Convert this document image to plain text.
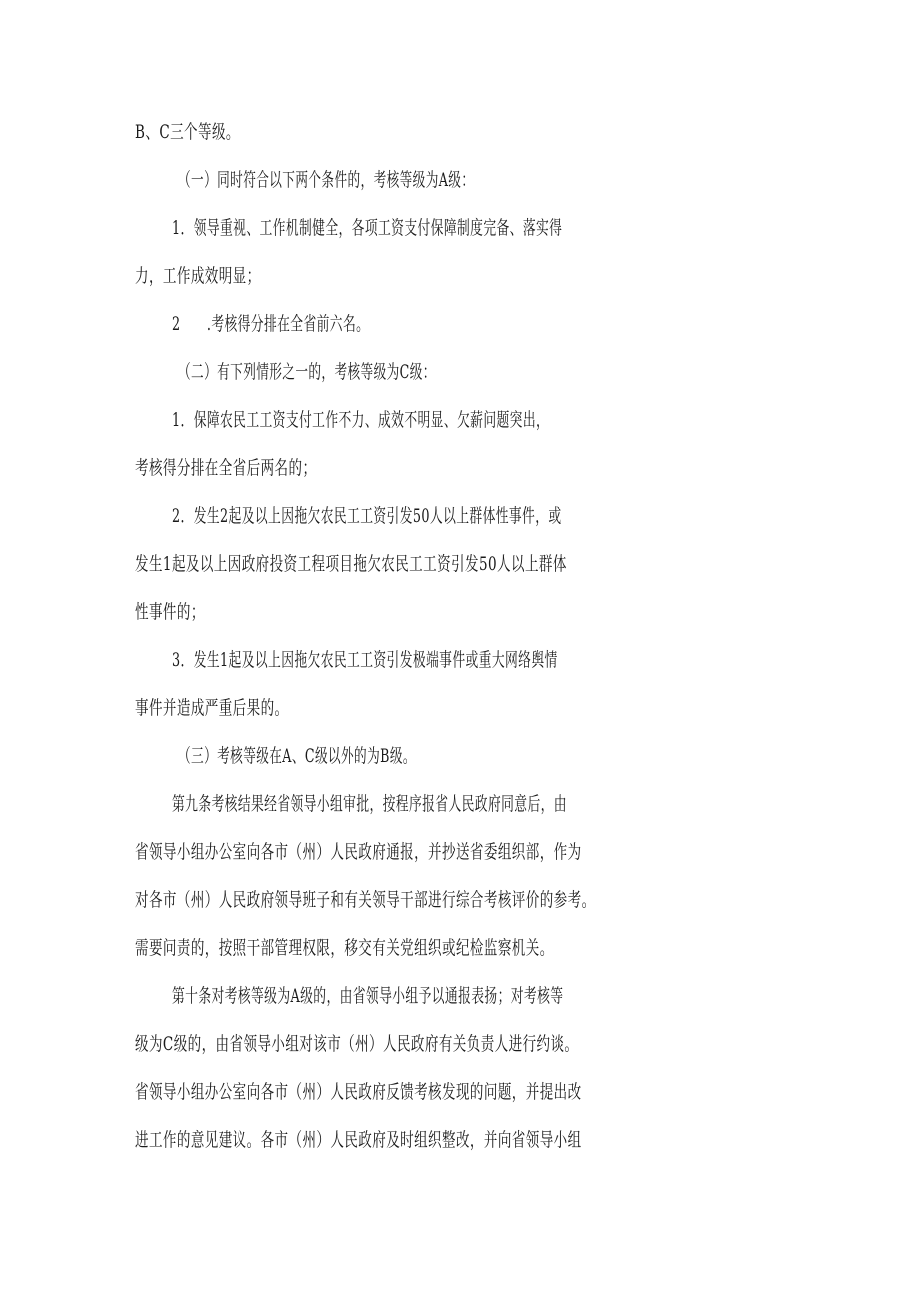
B、C三个等级。
（一）同时符合以下两个条件的，考核等级为A级：
1．领导重视、工作机制健全，各项工资支付保障制度完备、落实得
力，工作成效明显；
2　　.考核得分排在全省前六名。
（二）有下列情形之一的，考核等级为C级：
1．保障农民工工资支付工作不力、成效不明显、欠薪问题突出，
考核得分排在全省后两名的；
2．发生2起及以上因拖欠农民工工资引发50人以上群体性事件，或
发生1起及以上因政府投资工程项目拖欠农民工工资引发50人以上群体
性事件的；
3．发生1起及以上因拖欠农民工工资引发极端事件或重大网络舆情
事件并造成严重后果的。
（三）考核等级在A、C级以外的为B级。
第九条考核结果经省领导小组审批，按程序报省人民政府同意后，由
省领导小组办公室向各市（州）人民政府通报，并抄送省委组织部，作为
对各市（州）人民政府领导班子和有关领导干部进行综合考核评价的参考。
需要问责的，按照干部管理权限，移交有关党组织或纪检监察机关。
第十条对考核等级为A级的，由省领导小组予以通报表扬；对考核等
级为C级的，由省领导小组对该市（州）人民政府有关负责人进行约谈。
省领导小组办公室向各市（州）人民政府反馈考核发现的问题，并提出改
进工作的意见建议。各市（州）人民政府及时组织整改，并向省领导小组
